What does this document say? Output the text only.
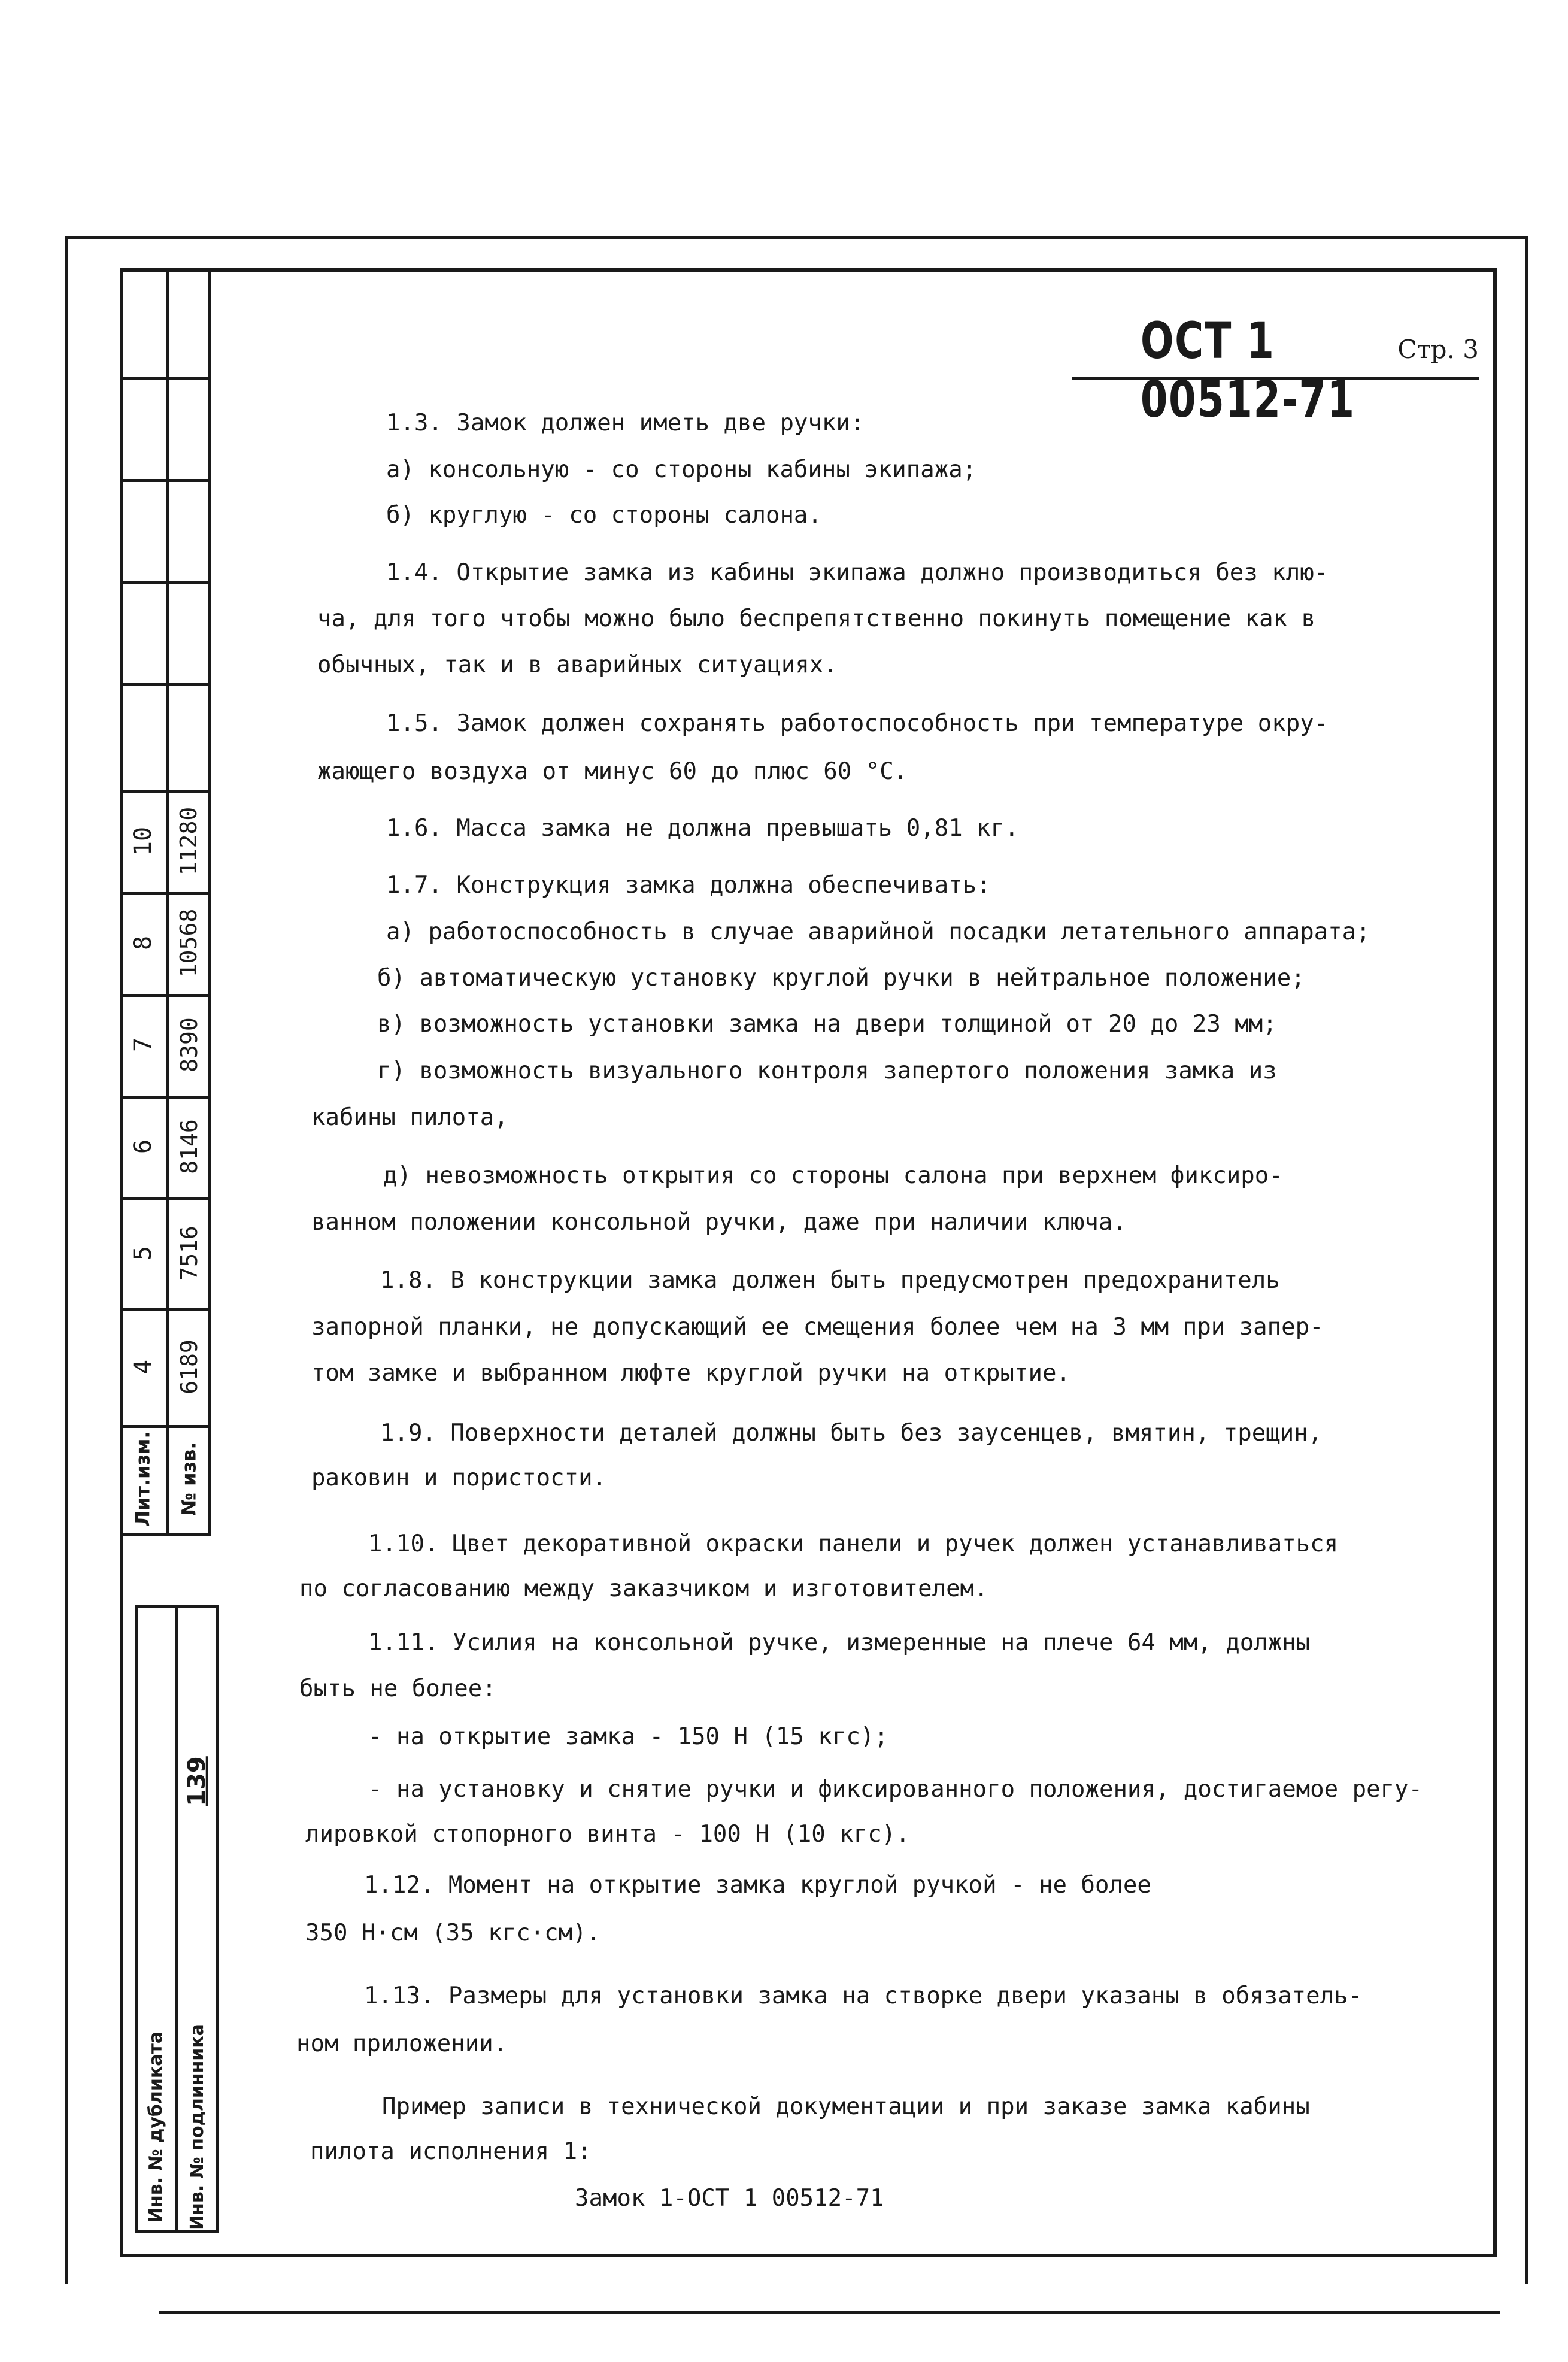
10 11280
8 10568
7 8390
6 8146
5 7516
4 6189
Лит.изм. № изв.
Инв. № дубликата Инв. № подлинника
139
ОСТ 1 00512-71
Стр. 3
1.3. Замок должен иметь две ручки:
а) консольную - со стороны кабины экипажа;
б) круглую - со стороны салона.
1.4. Открытие замка из кабины экипажа должно производиться без клю-
ча, для того чтобы можно было беспрепятственно покинуть помещение как в
обычных, так и в аварийных ситуациях.
1.5. Замок должен сохранять работоспособность при температуре окру-
жающего воздуха от минус 60 до плюс 60 °С.
1.6. Масса замка не должна превышать 0,81 кг.
1.7. Конструкция замка должна обеспечивать:
а) работоспособность в случае аварийной посадки летательного аппарата;
б) автоматическую установку круглой ручки в нейтральное положение;
в) возможность установки замка на двери толщиной от 20 до 23 мм;
г) возможность визуального контроля запертого положения замка из
кабины пилота,
д) невозможность открытия со стороны салона при верхнем фиксиро-
ванном положении консольной ручки, даже при наличии ключа.
1.8. В конструкции замка должен быть предусмотрен предохранитель
запорной планки, не допускающий ее смещения более чем на 3 мм при запер-
том замке и выбранном люфте круглой ручки на открытие.
1.9. Поверхности деталей должны быть без заусенцев, вмятин, трещин,
раковин и пористости.
1.10. Цвет декоративной окраски панели и ручек должен устанавливаться
по согласованию между заказчиком и изготовителем.
1.11. Усилия на консольной ручке, измеренные на плече 64 мм, должны
быть не более:
- на открытие замка - 150 Н (15 кгс);
- на установку и снятие ручки и фиксированного положения, достигаемое регу-
лировкой стопорного винта - 100 Н (10 кгс).
1.12. Момент на открытие замка круглой ручкой - не более
350 Н·см (35 кгс·см).
1.13. Размеры для установки замка на створке двери указаны в обязатель-
ном приложении.
Пример записи в технической документации и при заказе замка кабины
пилота исполнения 1:
Замок 1-ОСТ 1 00512-71
